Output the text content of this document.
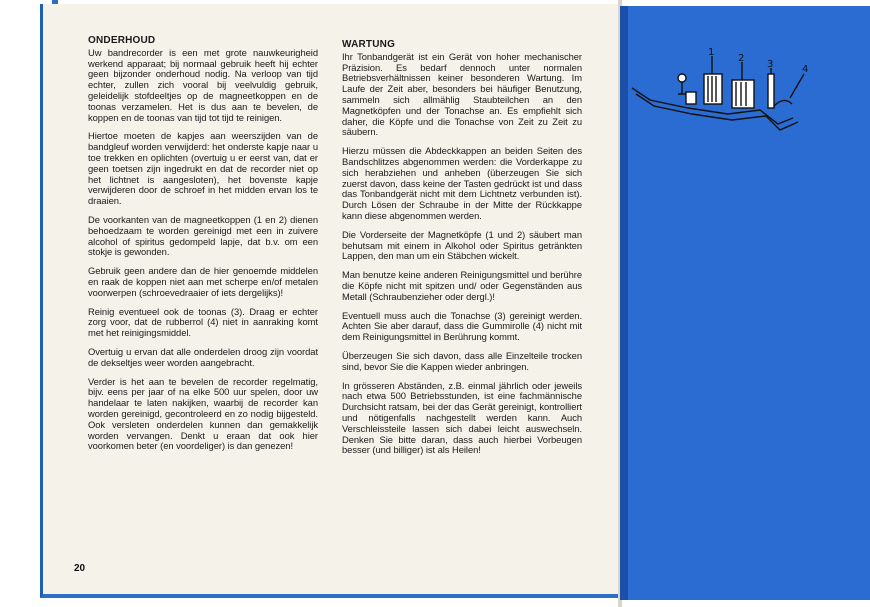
ONDERHOUD

Uw bandrecorder is een met grote nauwkeurigheid werkend apparaat; bij normaal gebruik heeft hij echter geen bijzonder onderhoud nodig. Na verloop van tijd echter, zullen zich vooral bij veelvuldig gebruik, geleidelijk stofdeeltjes op de magneetkoppen en de toonas verzamelen. Het is dus aan te bevelen, de koppen en de toonas van tijd tot tijd te reinigen.

Hiertoe moeten de kapjes aan weerszijden van de bandgleuf worden verwijderd: het onderste kapje naar u toe trekken en oplichten (overtuig u er eerst van, dat er geen toetsen zijn ingedrukt en dat de recorder niet op het lichtnet is aangesloten), het bovenste kapje verwijderen door de schroef in het midden ervan los te draaien.

De voorkanten van de magneetkoppen (1 en 2) dienen behoedzaam te worden gereinigd met een in zuivere alcohol of spiritus gedompeld lapje, dat b.v. om een stokje is gewonden.

Gebruik geen andere dan de hier genoemde middelen en raak de koppen niet aan met scherpe en/of metalen voorwerpen (schroevedraaier of iets dergelijks)!

Reinig eventueel ook de toonas (3). Draag er echter zorg voor, dat de rubberrol (4) niet in aanraking komt met het reinigingsmiddel.

Overtuig u ervan dat alle onderdelen droog zijn voordat de dekseltjes weer worden aangebracht.

Verder is het aan te bevelen de recorder regelmatig, bijv. eens per jaar of na elke 500 uur spelen, door uw handelaar te laten nakijken, waarbij de recorder kan worden gereinigd, gecontroleerd en zo nodig bijgesteld. Ook versleten onderdelen kunnen dan gemakkelijk worden vervangen. Denkt u eraan dat ook hier voorkomen beter (en voordeliger) is dan genezen!

WARTUNG

Ihr Tonbandgerät ist ein Gerät von hoher mechanischer Präzision. Es bedarf dennoch unter normalen Betriebsverhältnissen keiner besonderen Wartung. Im Laufe der Zeit aber, besonders bei häufiger Benutzung, sammeln sich allmählig Staubteilchen an den Magnetköpfen und der Tonachse an. Es empfiehlt sich daher, die Köpfe und die Tonachse von Zeit zu Zeit zu säubern.

Hierzu müssen die Abdeckkappen an beiden Seiten des Bandschlitzes abgenommen werden: die Vorderkappe zu sich herabziehen und anheben (überzeugen Sie sich zuerst davon, dass keine der Tasten gedrückt ist und dass das Tonbandgerät nicht mit dem Lichtnetz verbunden ist). Durch Lösen der Schraube in der Mitte der Rückkappe kann diese abgenommen werden.

Die Vorderseite der Magnetköpfe (1 und 2) säubert man behutsam mit einem in Alkohol oder Spiritus getränkten Lappen, den man um ein Stäbchen wickelt.

Man benutze keine anderen Reinigungsmittel und berühre die Köpfe nicht mit spitzen und/ oder Gegenständen aus Metall (Schraubenzieher oder dergl.)!

Eventuell muss auch die Tonachse (3) gereinigt werden. Achten Sie aber darauf, dass die Gummirolle (4) nicht mit dem Reinigungsmittel in Berührung kommt.

Überzeugen Sie sich davon, dass alle Einzelteile trocken sind, bevor Sie die Kappen wieder anbringen.

In grösseren Abständen, z.B. einmal jährlich oder jeweils nach etwa 500 Betriebsstunden, ist eine fachmännische Durchsicht ratsam, bei der das Gerät gereinigt, kontrolliert und nötigenfalls nachgestellt werden kann. Auch Verschleissteile lassen sich dabei leicht auswechseln. Denken Sie bitte daran, dass auch hierbei Vorbeugen besser (und billiger) ist als Heilen!

20
1
2
3	4
